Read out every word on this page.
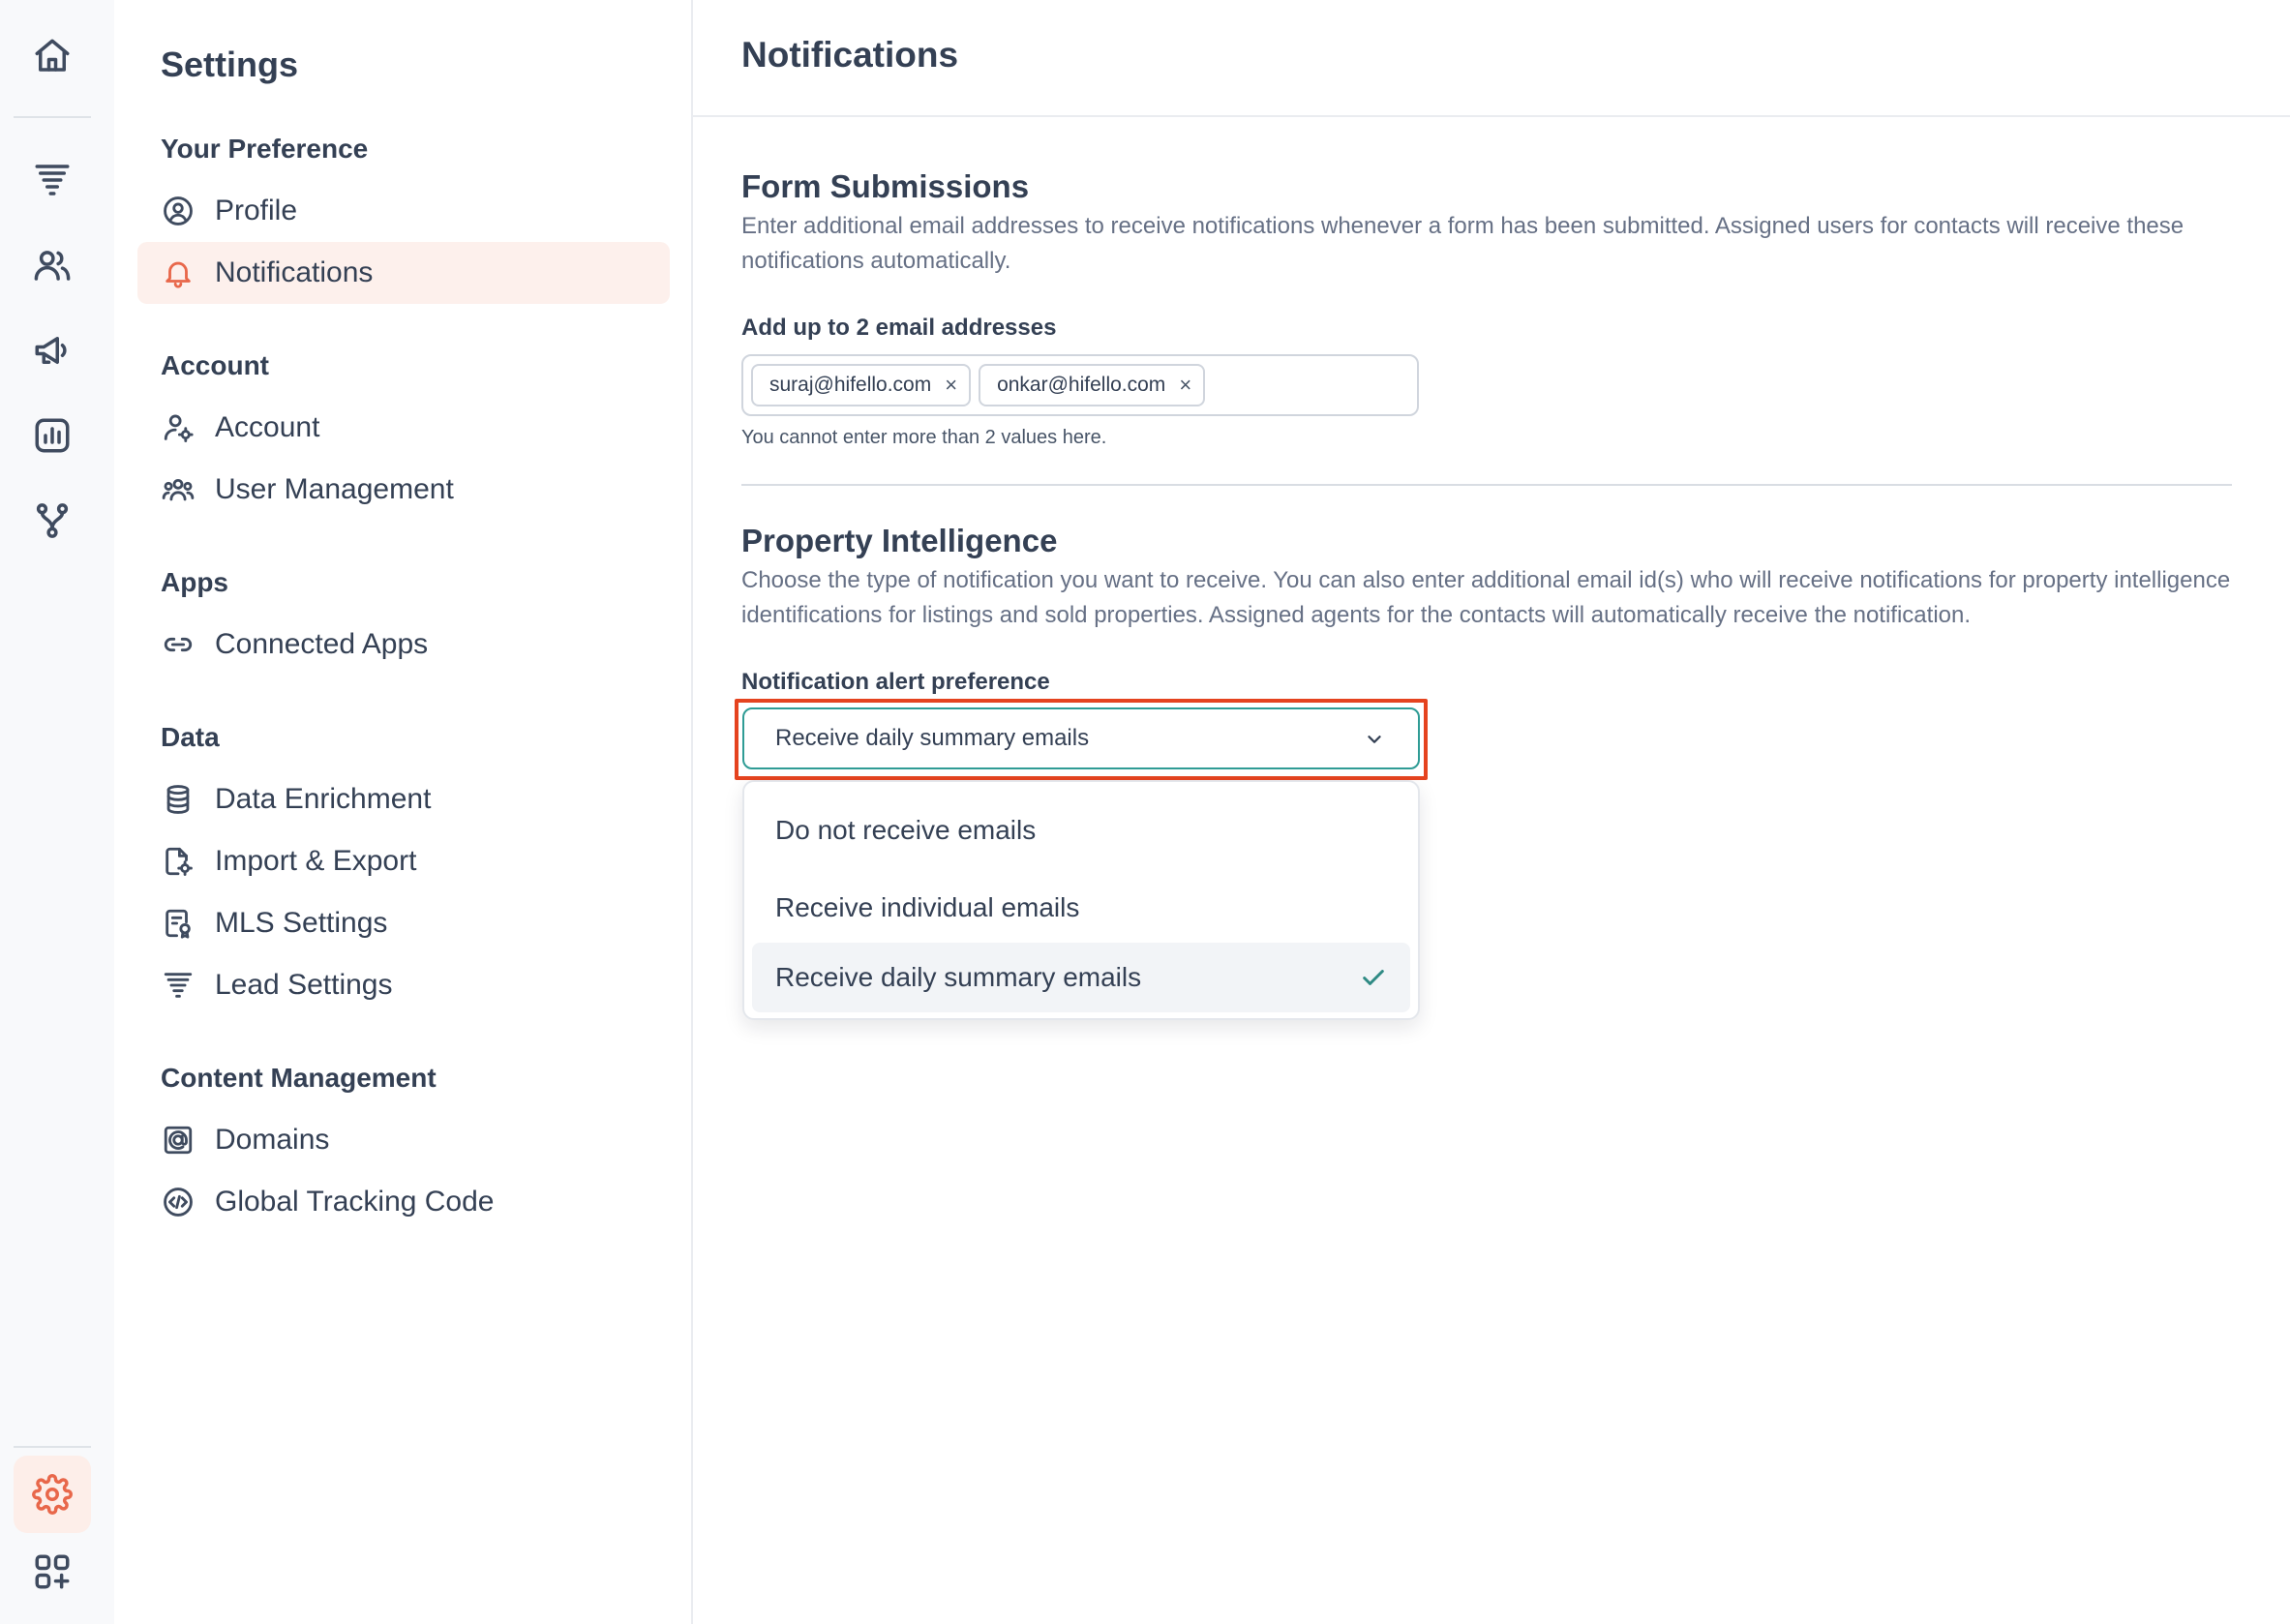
Settings
Your Preference
Profile
Notifications
Account
Account
User Management
Apps
Connected Apps
Data
Data Enrichment
Import & Export
MLS Settings
Lead Settings
Content Management
Domains
Global Tracking Code
Notifications
Form Submissions

Enter additional email addresses to receive notifications whenever a form has been submitted. Assigned users for contacts will receive these notifications automatically.

Add up to 2 email addresses
suraj@hifello.com × onkar@hifello.com ×
You cannot enter more than 2 values here.
Property Intelligence

Choose the type of notification you want to receive. You can also enter additional email id(s) who will receive notifications for property intelligence identifications for listings and sold properties. Assigned agents for the contacts will automatically receive the notification.

Notification alert preference
Receive daily summary emails
Do not receive emails
Receive individual emails
Receive daily summary emails
